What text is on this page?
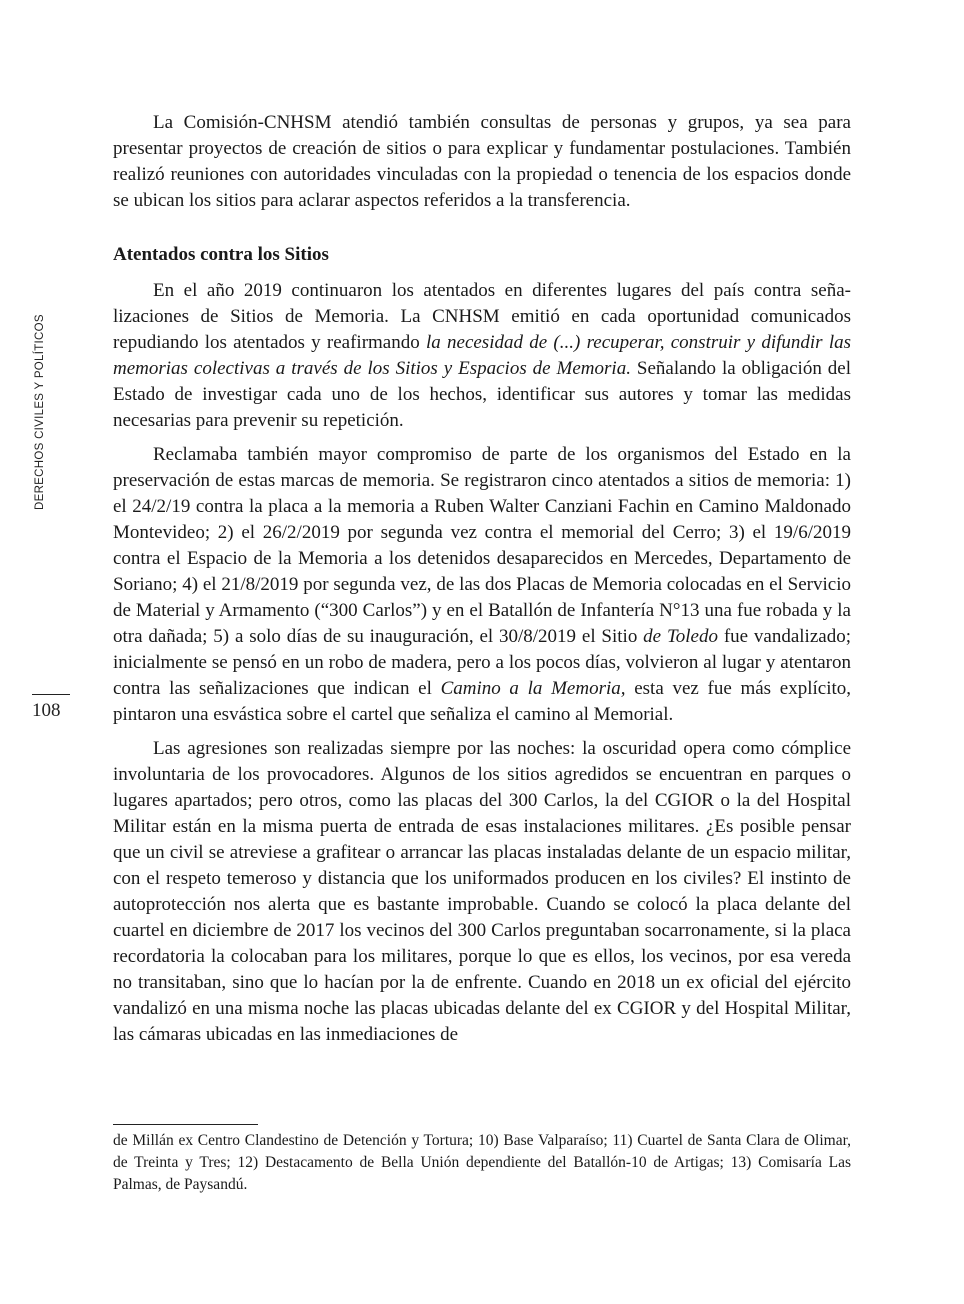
DERECHOS CIVILES Y POLÍTICOS
108

La Comisión-CNHSM atendió también consultas de personas y grupos, ya sea para presentar proyectos de creación de sitios o para explicar y fundamentar postulaciones. También realizó reuniones con autoridades vinculadas con la propiedad o tenencia de los espacios donde se ubican los sitios para aclarar aspectos referidos a la transferencia.

Atentados contra los Sitios

En el año 2019 continuaron los atentados en diferentes lugares del país contra señalizaciones de Sitios de Memoria. La CNHSM emitió en cada oportunidad comunicados repudiando los atentados y reafirmando la necesidad de (...) recuperar, construir y difundir las memorias colectivas a través de los Sitios y Espacios de Memoria. Señalando la obligación del Estado de investigar cada uno de los hechos, identificar sus autores y tomar las medidas necesarias para prevenir su repetición.

Reclamaba también mayor compromiso de parte de los organismos del Estado en la preservación de estas marcas de memoria. Se registraron cinco atentados a sitios de memoria: 1) el 24/2/19 contra la placa a la memoria a Ruben Walter Canziani Fachin en Camino Maldonado Montevideo; 2) el 26/2/2019 por segunda vez contra el memorial del Cerro; 3) el 19/6/2019 contra el Espacio de la Memoria a los detenidos desaparecidos en Mercedes, Departamento de Soriano; 4) el 21/8/2019 por segunda vez, de las dos Placas de Memoria colocadas en el Servicio de Material y Armamento (“300 Carlos”) y en el Batallón de Infantería N°13 una fue robada y la otra dañada; 5) a solo días de su inauguración, el 30/8/2019 el Sitio de Toledo fue vandalizado; inicialmente se pensó en un robo de madera, pero a los pocos días, volvieron al lugar y atentaron contra las señalizaciones que indican el Camino a la Memoria, esta vez fue más explícito, pintaron una esvástica sobre el cartel que señaliza el camino al Memorial.

Las agresiones son realizadas siempre por las noches: la oscuridad opera como cómplice involuntaria de los provocadores. Algunos de los sitios agredidos se encuentran en parques o lugares apartados; pero otros, como las placas del 300 Carlos, la del CGIOR o la del Hospital Militar están en la misma puerta de entrada de esas instalaciones militares. ¿Es posible pensar que un civil se atreviese a grafitear o arrancar las placas instaladas delante de un espacio militar, con el respeto temeroso y distancia que los uniformados producen en los civiles? El instinto de autoprotección nos alerta que es bastante improbable. Cuando se colocó la placa delante del cuartel en diciembre de 2017 los vecinos del 300 Carlos preguntaban socarronamente, si la placa recordatoria la colocaban para los militares, porque lo que es ellos, los vecinos, por esa vereda no transitaban, sino que lo hacían por la de enfrente. Cuando en 2018 un ex oficial del ejército vandalizó en una misma noche las placas ubicadas delante del ex CGIOR y del Hospital Militar, las cámaras ubicadas en las inmediaciones de

de Millán ex Centro Clandestino de Detención y Tortura; 10) Base Valparaíso; 11) Cuartel de Santa Clara de Olimar, de Treinta y Tres; 12) Destacamento de Bella Unión dependiente del Batallón-10 de Artigas; 13) Comisaría Las Palmas, de Paysandú.
